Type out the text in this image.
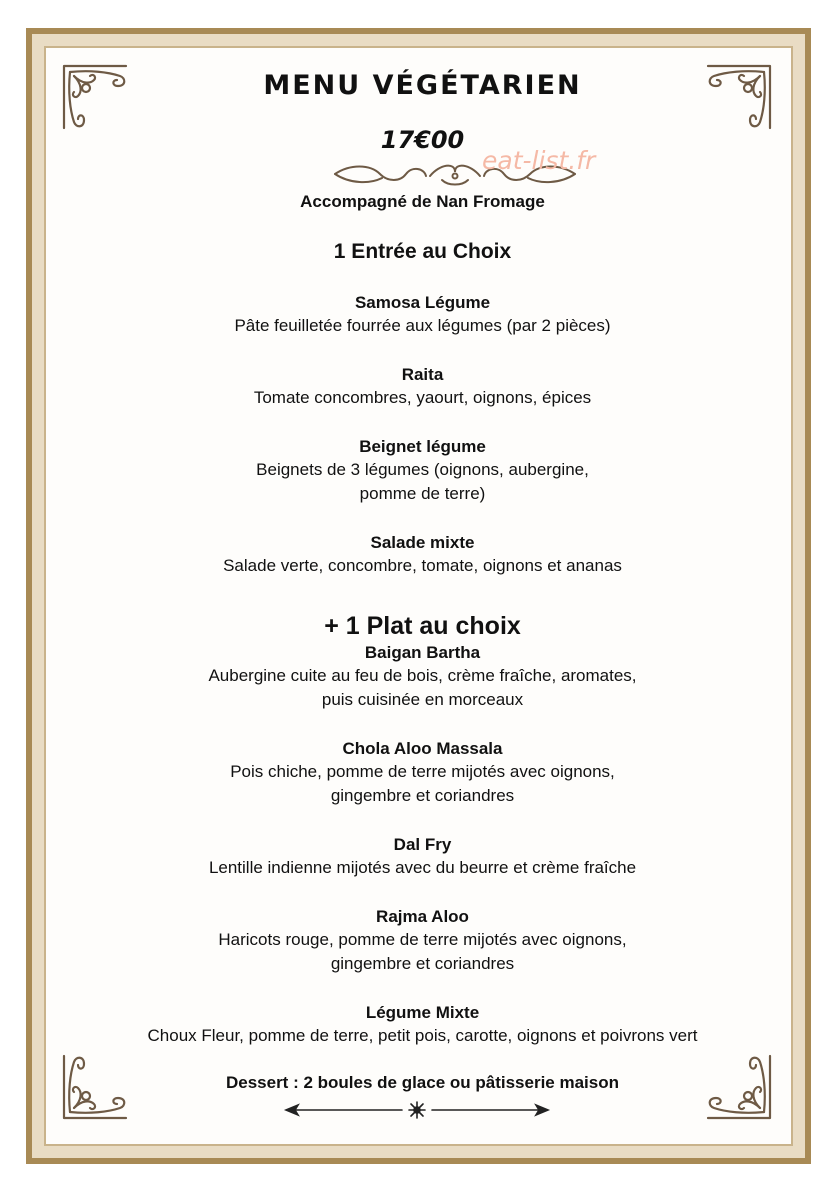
MENU VÉGÉTARIEN
17€00
Accompagné de Nan Fromage
1 Entrée au Choix
Samosa Légume
Pâte feuilletée fourrée aux légumes (par 2 pièces)
Raita
Tomate concombres, yaourt, oignons, épices
Beignet légume
Beignets de 3 légumes (oignons, aubergine,
pomme de terre)
Salade mixte
Salade verte, concombre, tomate, oignons et ananas
+ 1 Plat au choix
Baigan Bartha
Aubergine cuite au feu de bois, crème fraîche, aromates,
puis cuisinée en morceaux
Chola Aloo Massala
Pois chiche, pomme de terre mijotés avec oignons,
gingembre et coriandres
Dal Fry
Lentille indienne mijotés avec du beurre et crème fraîche
Rajma Aloo
Haricots rouge, pomme de terre mijotés avec oignons,
gingembre et coriandres
Légume Mixte
Choux Fleur, pomme de terre, petit pois, carotte, oignons et poivrons vert
Dessert : 2 boules de glace ou pâtisserie maison
eat-list.fr
